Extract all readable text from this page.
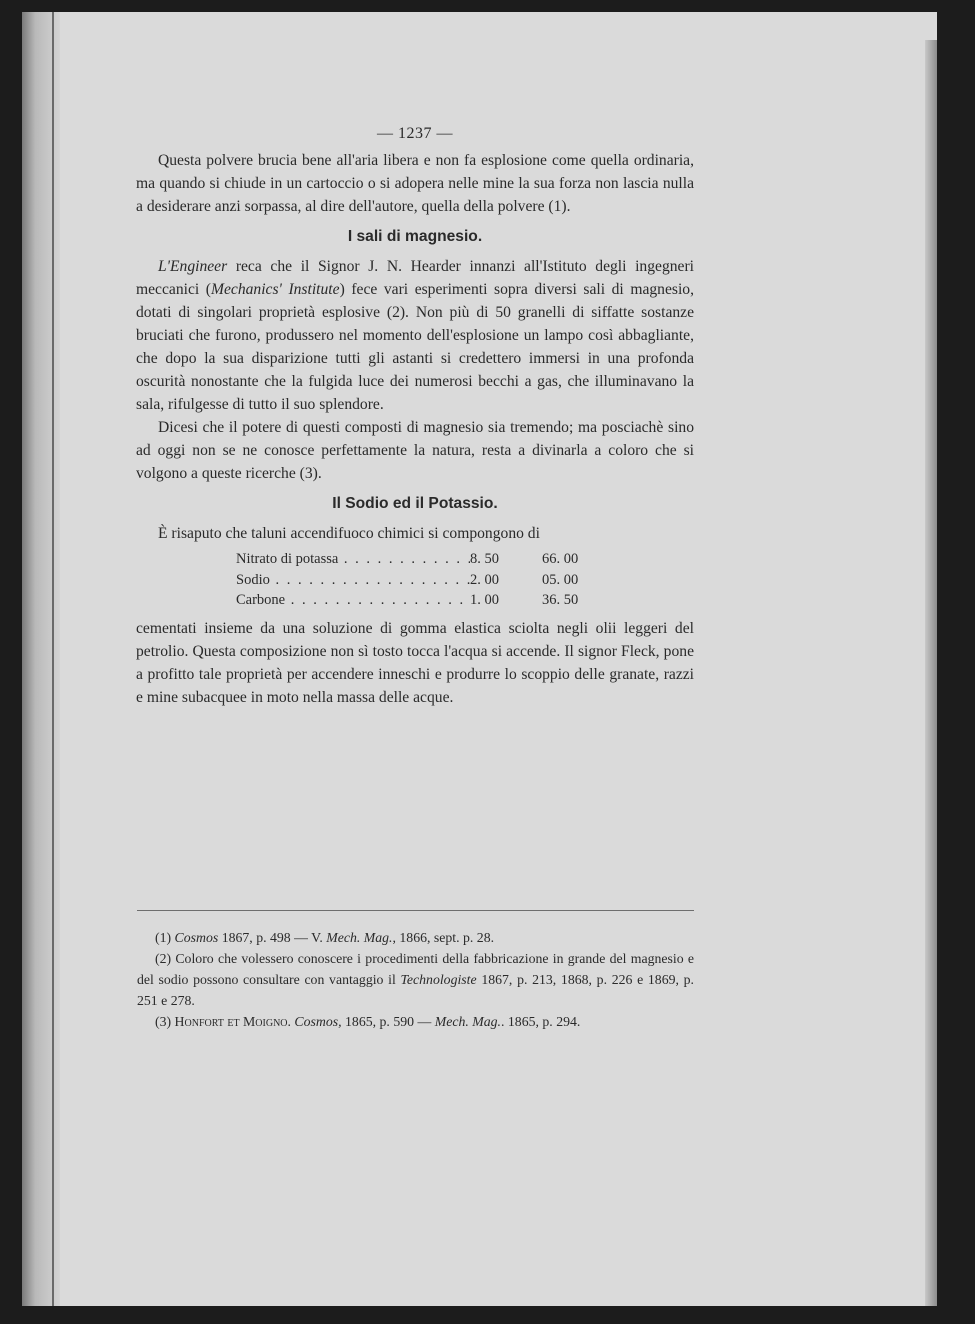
— 1237 —

Questa polvere brucia bene all'aria libera e non fa esplosione come quella ordinaria, ma quando si chiude in un cartoccio o si adopera nelle mine la sua forza non lascia nulla a desiderare anzi sorpassa, al dire dell'autore, quella della polvere (1).

I sali di magnesio.

L'Engineer reca che il Signor J. N. Hearder innanzi all'Istituto degli ingegneri meccanici (Mechanics' Institute) fece vari esperimenti sopra diversi sali di magnesio, dotati di singolari proprietà esplosive (2). Non più di 50 granelli di siffatte sostanze bruciati che furono, produssero nel momento dell'esplosione un lampo così abbagliante, che dopo la sua disparizione tutti gli astanti si credettero immersi in una profonda oscurità nonostante che la fulgida luce dei numerosi becchi a gas, che illuminavano la sala, rifulgesse di tutto il suo splendore.

Dicesi che il potere di questi composti di magnesio sia tremendo; ma posciachè sino ad oggi non se ne conosce perfettamente la natura, resta a divinarla a coloro che si volgono a queste ricerche (3).

Il Sodio ed il Potassio.

È risaputo che taluni accendifuoco chimici si compongono di

Nitrato di potassa . . .	8. 50	66. 00
Sodio . . .	2. 00	05. 00
Carbone . . .	1. 00	36. 50

cementati insieme da una soluzione di gomma elastica sciolta negli olii leggeri del petrolio. Questa composizione non sì tosto tocca l'acqua si accende. Il signor Fleck, pone a profitto tale proprietà per accendere inneschi e produrre lo scoppio delle granate, razzi e mine subacquee in moto nella massa delle acque.

(1) Cosmos 1867, p. 498 — V. Mech. Mag., 1866, sept. p. 28.

(2) Coloro che volessero conoscere i procedimenti della fabbricazione in grande del magnesio e del sodio possono consultare con vantaggio il Technologiste 1867, p. 213, 1868, p. 226 e 1869, p. 251 e 278.

(3) Honfort et Moigno. Cosmos, 1865, p. 590 — Mech. Mag.. 1865, p. 294.
